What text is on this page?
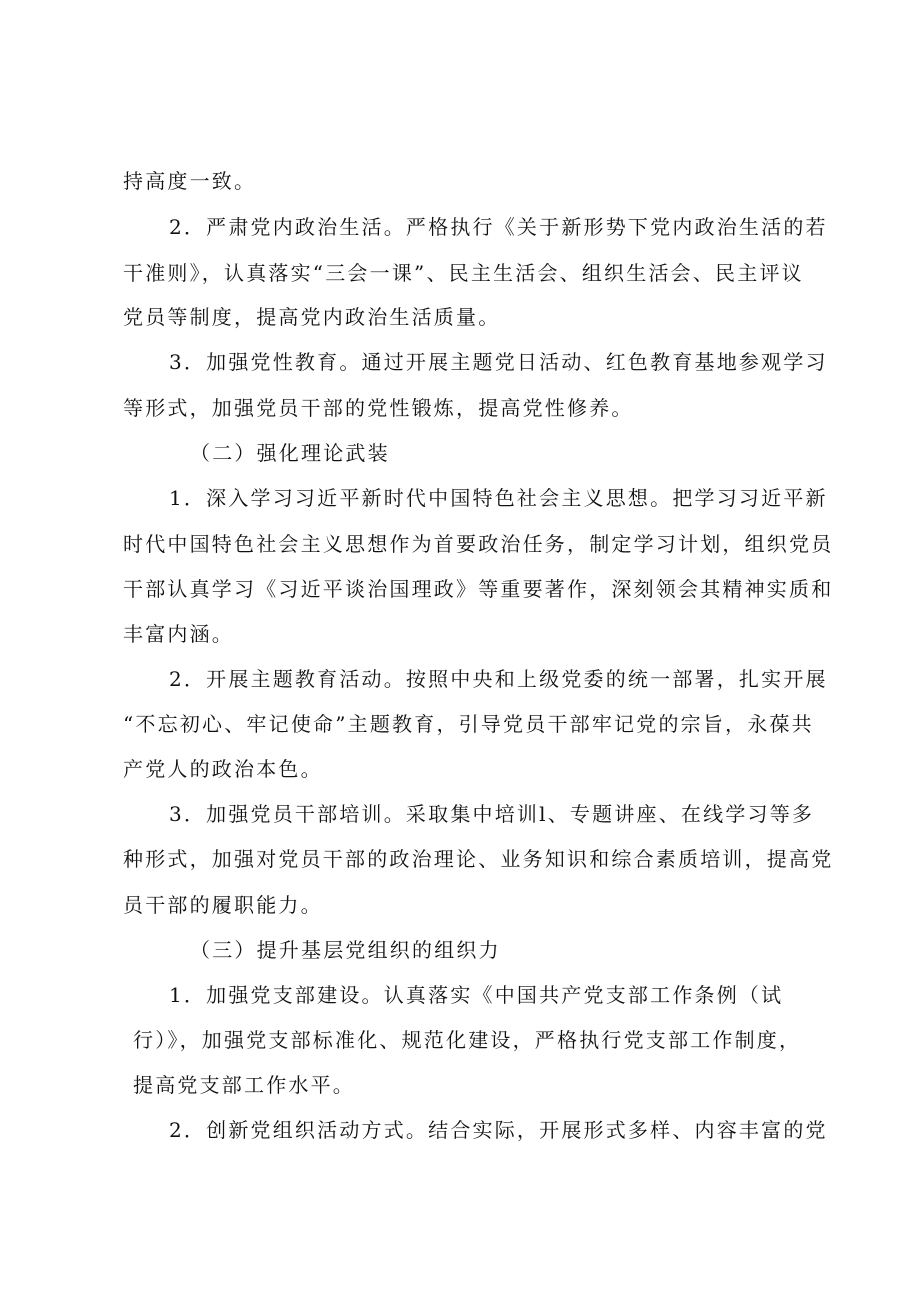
持高度一致。
2．严肃党内政治生活。严格执行《关于新形势下党内政治生活的若
干准则》，认真落实“三会一课”、民主生活会、组织生活会、民主评议
党员等制度，提高党内政治生活质量。
3．加强党性教育。通过开展主题党日活动、红色教育基地参观学习
等形式，加强党员干部的党性锻炼，提高党性修养。
（二）强化理论武装
1．深入学习习近平新时代中国特色社会主义思想。把学习习近平新
时代中国特色社会主义思想作为首要政治任务，制定学习计划，组织党员
干部认真学习《习近平谈治国理政》等重要著作，深刻领会其精神实质和
丰富内涵。
2．开展主题教育活动。按照中央和上级党委的统一部署，扎实开展
“不忘初心、牢记使命”主题教育，引导党员干部牢记党的宗旨，永葆共
产党人的政治本色。
3．加强党员干部培训。采取集中培训l、专题讲座、在线学习等多
种形式，加强对党员干部的政治理论、业务知识和综合素质培训，提高党
员干部的履职能力。
（三）提升基层党组织的组织力
1．加强党支部建设。认真落实《中国共产党支部工作条例（试
行）》，加强党支部标准化、规范化建设，严格执行党支部工作制度，
提高党支部工作水平。
2．创新党组织活动方式。结合实际，开展形式多样、内容丰富的党
